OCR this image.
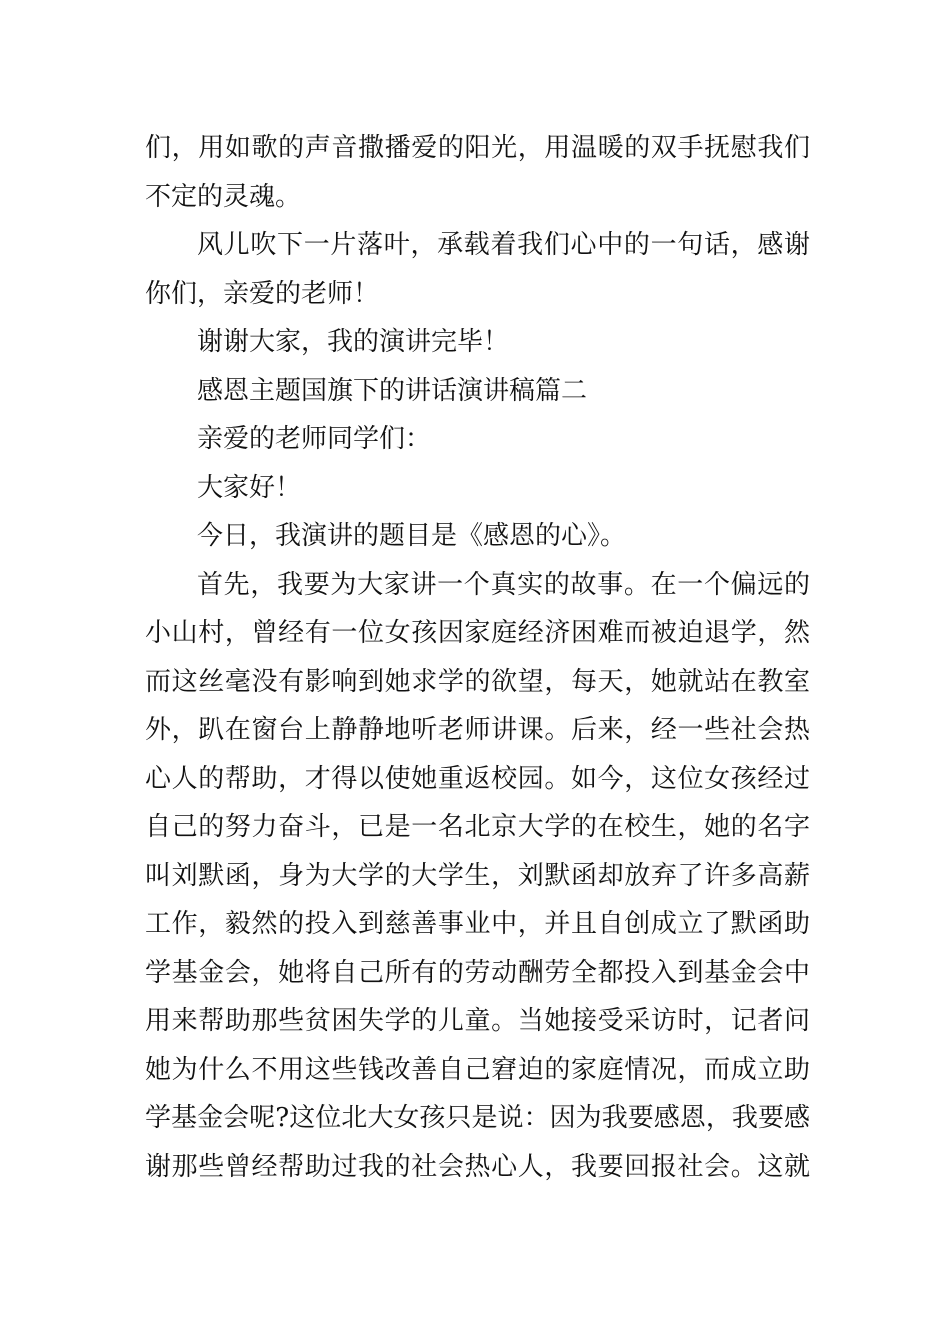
们，用如歌的声音撒播爱的阳光，用温暖的双手抚慰我们
不定的灵魂。
风儿吹下一片落叶，承载着我们心中的一句话，感谢
你们，亲爱的老师！
谢谢大家，我的演讲完毕！
感恩主题国旗下的讲话演讲稿篇二
亲爱的老师同学们：
大家好！
今日，我演讲的题目是《感恩的心》。
首先，我要为大家讲一个真实的故事。在一个偏远的
小山村，曾经有一位女孩因家庭经济困难而被迫退学，然
而这丝毫没有影响到她求学的欲望，每天，她就站在教室
外，趴在窗台上静静地听老师讲课。后来，经一些社会热
心人的帮助，才得以使她重返校园。如今，这位女孩经过
自己的努力奋斗，已是一名北京大学的在校生，她的名字
叫刘默函，身为大学的大学生，刘默函却放弃了许多高薪
工作，毅然的投入到慈善事业中，并且自创成立了默函助
学基金会，她将自己所有的劳动酬劳全都投入到基金会中
用来帮助那些贫困失学的儿童。当她接受采访时，记者问
她为什么不用这些钱改善自己窘迫的家庭情况，而成立助
学基金会呢?这位北大女孩只是说：因为我要感恩，我要感
谢那些曾经帮助过我的社会热心人，我要回报社会。这就
